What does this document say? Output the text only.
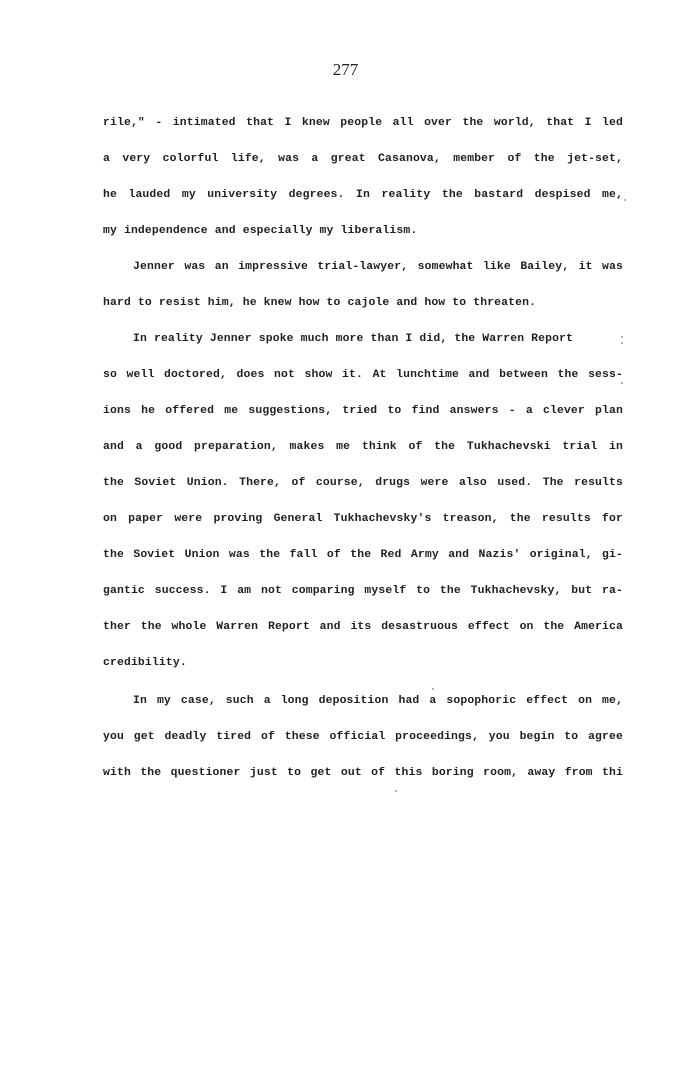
277
rile," - intimated that I knew people all over the world, that I led
a very colorful life, was a great Casanova, member of the jet-set,
he lauded my university degrees. In reality the bastard despised me,
my independence and especially my liberalism.
Jenner was an impressive trial-lawyer, somewhat like Bailey, it was
hard to resist him, he knew how to cajole and how to threaten.
In reality Jenner spoke much more than I did, the Warren Report
so well doctored, does not show it. At lunchtime and between the sess-
ions he offered me suggestions, tried to find answers - a clever plan
and a good preparation, makes me think of the Tukhachevski trial in
the Soviet Union. There, of course, drugs were also used. The results
on paper were proving General Tukhachevsky's treason, the results for
the Soviet Union was the fall of the Red Army and Nazis' original, gi-
gantic success. I am not comparing myself to the Tukhachevsky, but ra-
ther the whole Warren Report and its desastruous effect on the America
credibility.
In my case, such a long deposition had a sopophoric effect on me,
you get deadly tired of these official proceedings, you begin to agree
with the questioner just to get out of this boring room, away from thi
